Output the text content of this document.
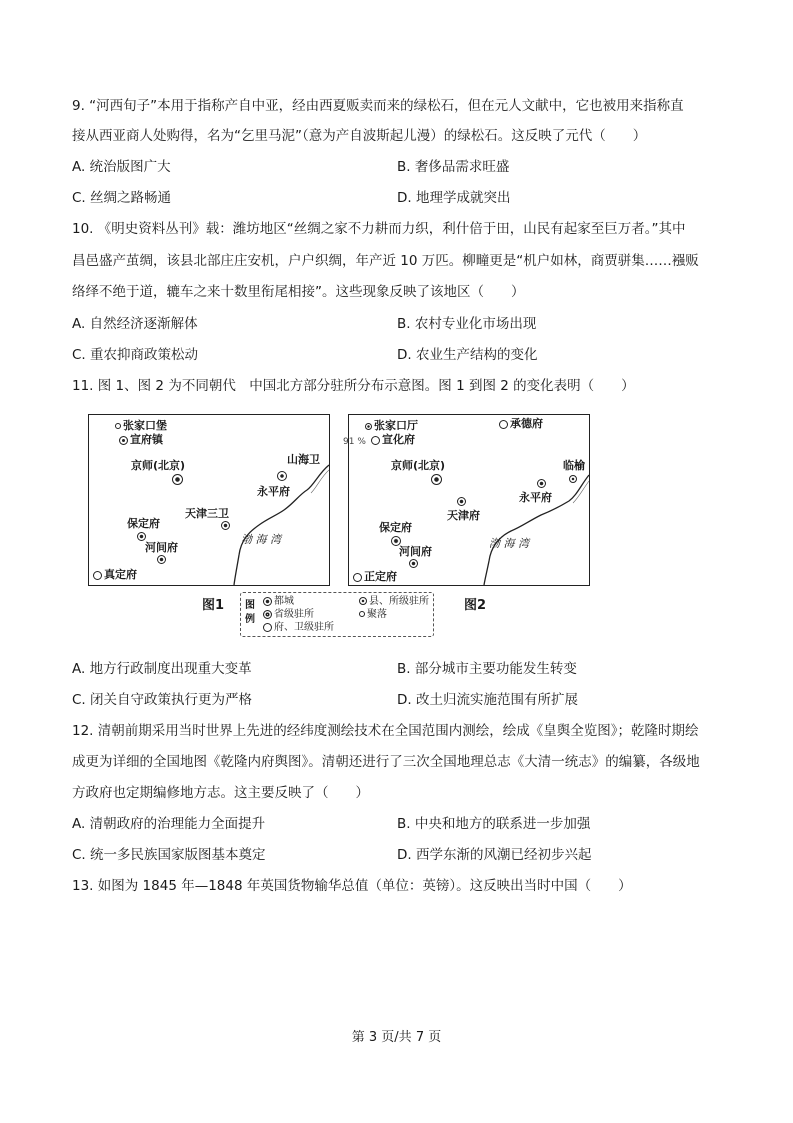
9. “河西旬子”本用于指称产自中亚，经由西夏贩卖而来的绿松石，但在元人文献中，它也被用来指称直
接从西亚商人处购得，名为“乞里马泥”（意为产自波斯起儿漫）的绿松石。这反映了元代（　　）
A. 统治版图广大	B. 奢侈品需求旺盛
C. 丝绸之路畅通	D. 地理学成就突出
10. 《明史资料丛刊》载：潍坊地区“丝绸之家不力耕而力织，利什倍于田，山民有起家至巨万者。”其中
昌邑盛产茧绸，该县北部庄庄安机，户户织绸，年产近 10 万匹。柳疃更是“机户如林，商贾骈集……襁贩
络绎不绝于道，辘车之来十数里衔尾相接”。这些现象反映了该地区（　　）
A. 自然经济逐渐解体	B. 农村专业化市场出现
C. 重农抑商政策松动	D. 农业生产结构的变化
11. 图 1、图 2 为不同朝代　中国北方部分驻所分布示意图。图 1 到图 2 的变化表明（　　）
张家口堡
宣府镇
京师(北京)	山海卫
永平府
天津三卫
保定府
河间府
真定府
渤 海 湾
图1
91 %
张家口厅
宣化府
承德府
京师(北京)	临榆
永平府
天津府
保定府
河间府
正定府
渤 海 湾
图2
图例
都城
省级驻所
府、卫级驻所
县、所级驻所
聚落
A. 地方行政制度出现重大变革	B. 部分城市主要功能发生转变
C. 闭关自守政策执行更为严格	D. 改土归流实施范围有所扩展
12. 清朝前期采用当时世界上先进的经纬度测绘技术在全国范围内测绘，绘成《皇舆全览图》；乾隆时期绘
成更为详细的全国地图《乾隆内府舆图》。清朝还进行了三次全国地理总志《大清一统志》的编纂，各级地
方政府也定期编修地方志。这主要反映了（　　）
A. 清朝政府的治理能力全面提升	B. 中央和地方的联系进一步加强
C. 统一多民族国家版图基本奠定	D. 西学东渐的风潮已经初步兴起
13. 如图为 1845 年—1848 年英国货物输华总值（单位：英镑）。这反映出当时中国（　　）
第 3 页/共 7 页
